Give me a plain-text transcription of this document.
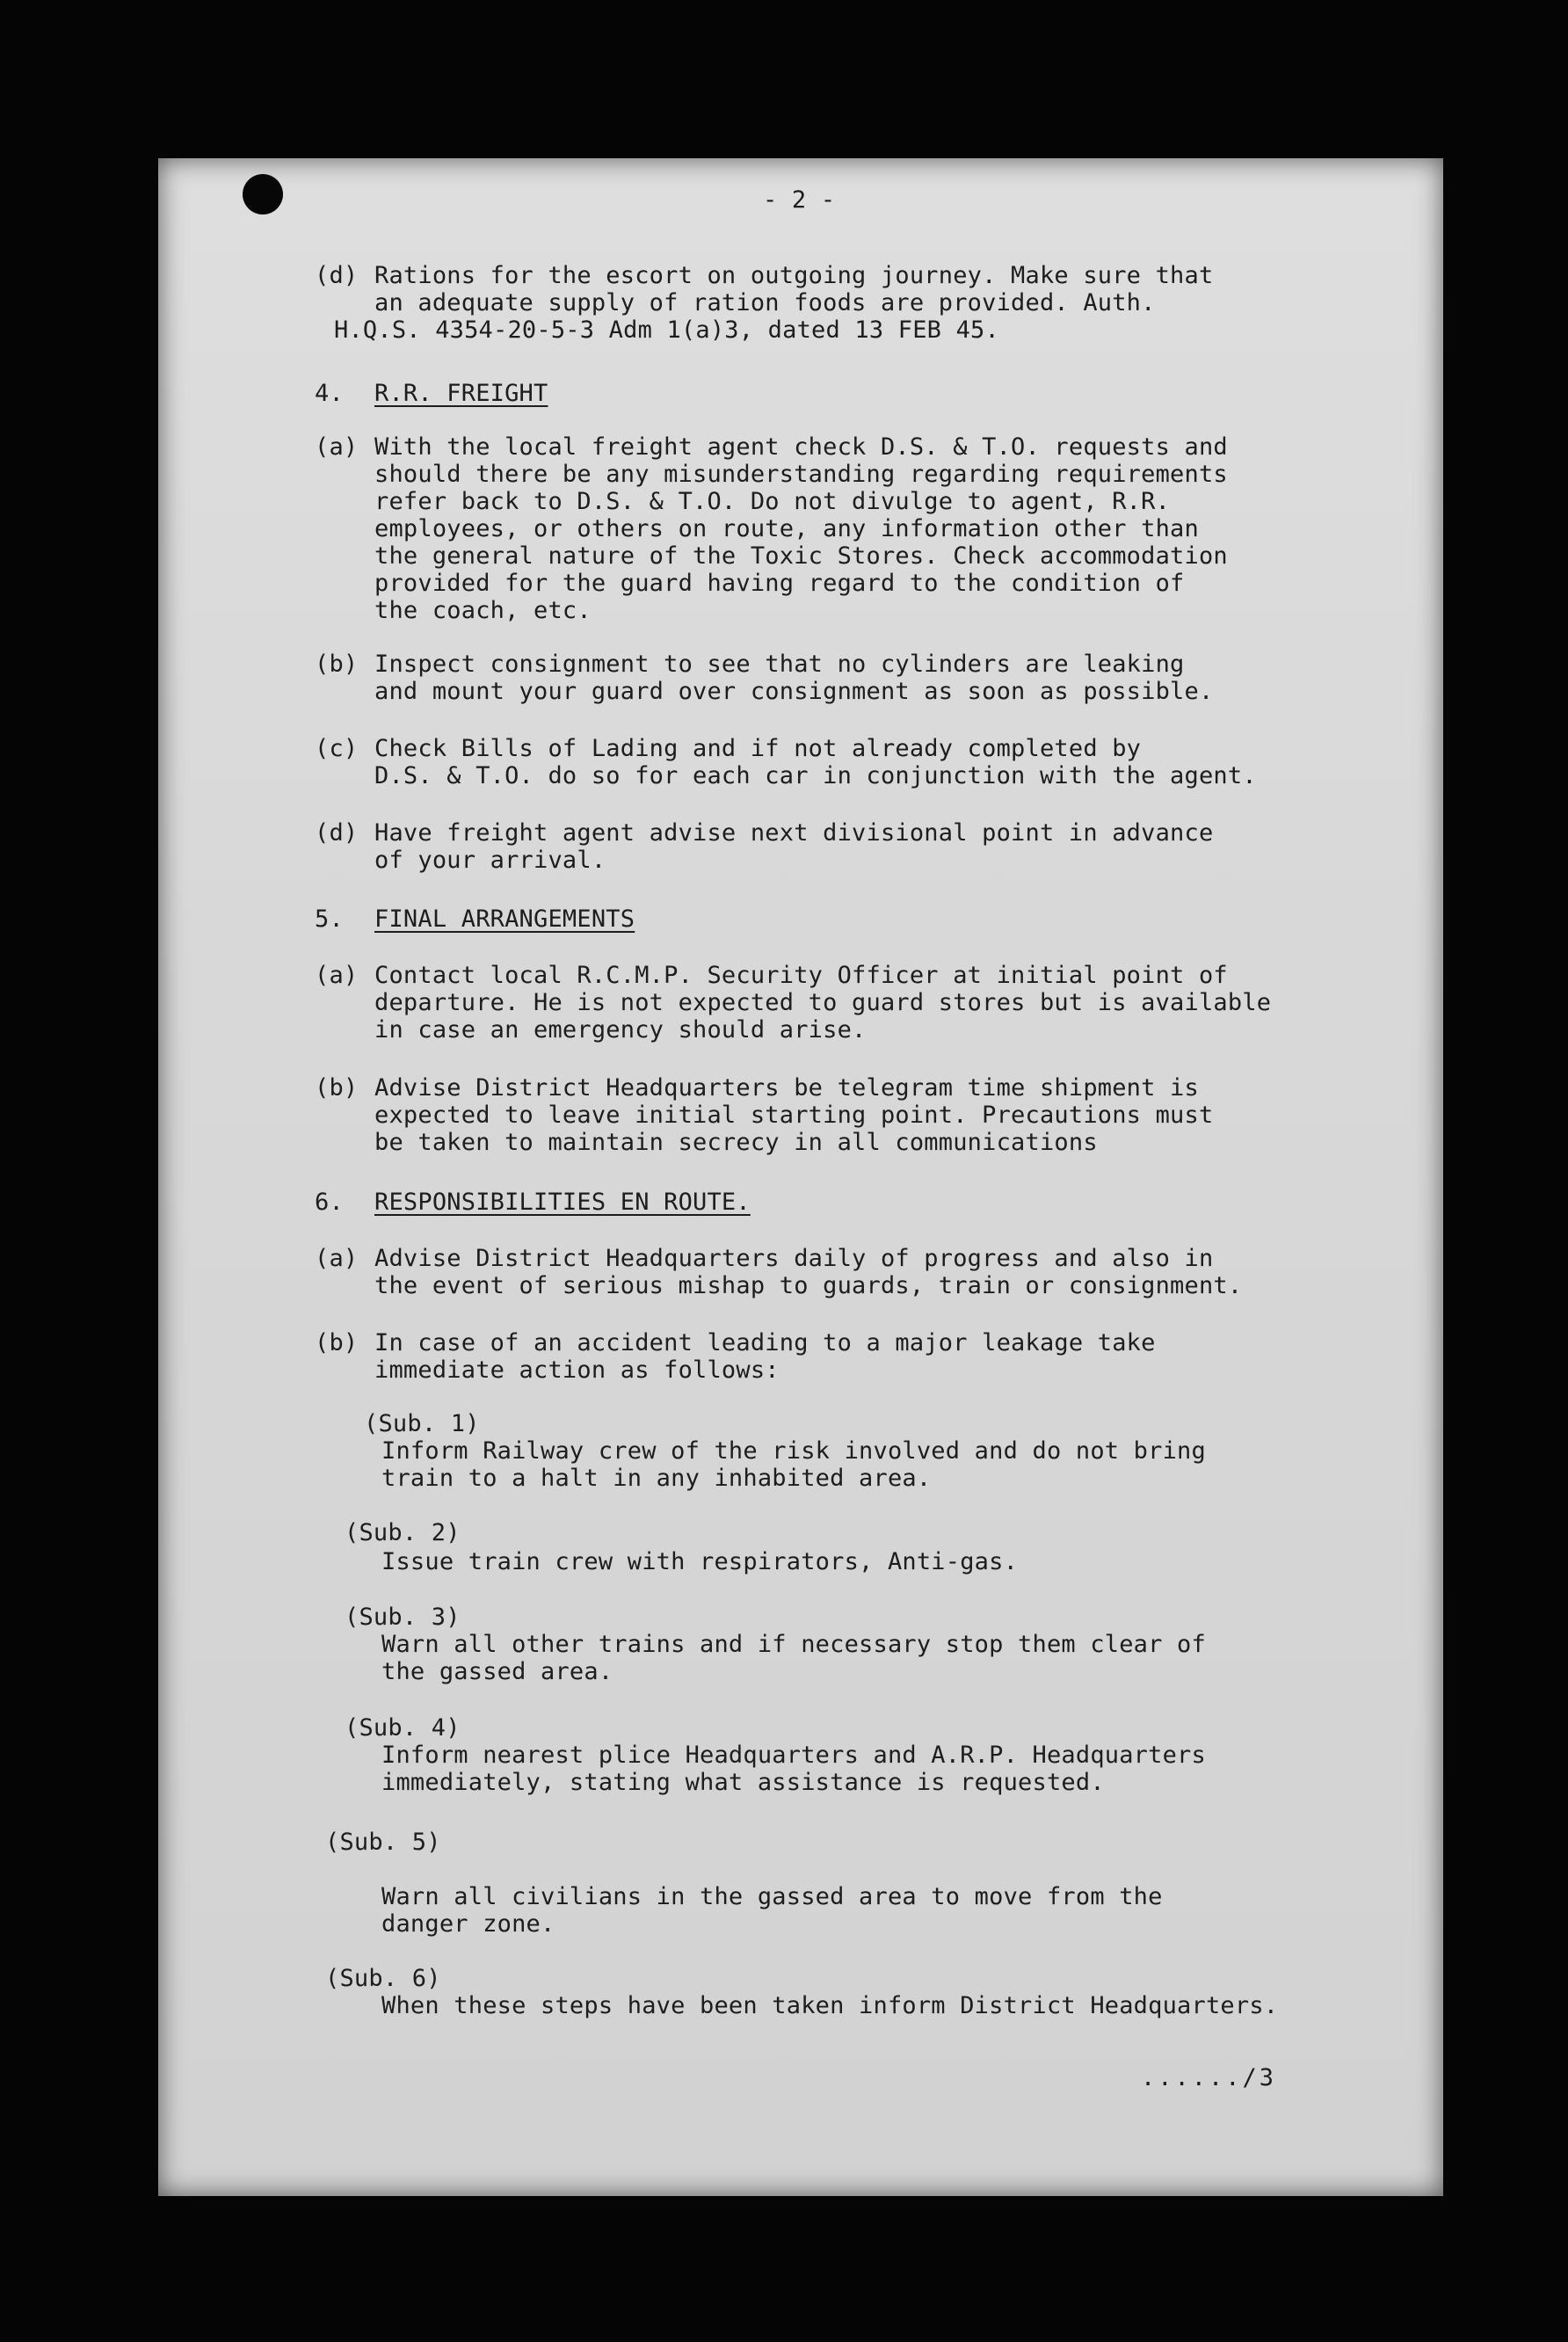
- 2 -
(d) Rations for the escort on outgoing journey. Make sure that
an adequate supply of ration foods are provided. Auth.
H.Q.S. 4354-20-5-3 Adm 1(a)3, dated 13 FEB 45.
4. R.R. FREIGHT
(a) With the local freight agent check D.S. & T.O. requests and
should there be any misunderstanding regarding requirements
refer back to D.S. & T.O. Do not divulge to agent, R.R.
employees, or others on route, any information other than
the general nature of the Toxic Stores. Check accommodation
provided for the guard having regard to the condition of
the coach, etc.
(b) Inspect consignment to see that no cylinders are leaking
and mount your guard over consignment as soon as possible.
(c) Check Bills of Lading and if not already completed by
D.S. & T.O. do so for each car in conjunction with the agent.
(d) Have freight agent advise next divisional point in advance
of your arrival.
5. FINAL ARRANGEMENTS
(a) Contact local R.C.M.P. Security Officer at initial point of
departure. He is not expected to guard stores but is available
in case an emergency should arise.
(b) Advise District Headquarters be telegram time shipment is
expected to leave initial starting point. Precautions must
be taken to maintain secrecy in all communications
6. RESPONSIBILITIES EN ROUTE.
(a) Advise District Headquarters daily of progress and also in
the event of serious mishap to guards, train or consignment.
(b) In case of an accident leading to a major leakage take
immediate action as follows:
(Sub. 1)
Inform Railway crew of the risk involved and do not bring
train to a halt in any inhabited area.
(Sub. 2)
Issue train crew with respirators, Anti-gas.
(Sub. 3)
Warn all other trains and if necessary stop them clear of
the gassed area.
(Sub. 4)
Inform nearest plice Headquarters and A.R.P. Headquarters
immediately, stating what assistance is requested.
(Sub. 5)
Warn all civilians in the gassed area to move from the
danger zone.
(Sub. 6)
When these steps have been taken inform District Headquarters.
....../3
